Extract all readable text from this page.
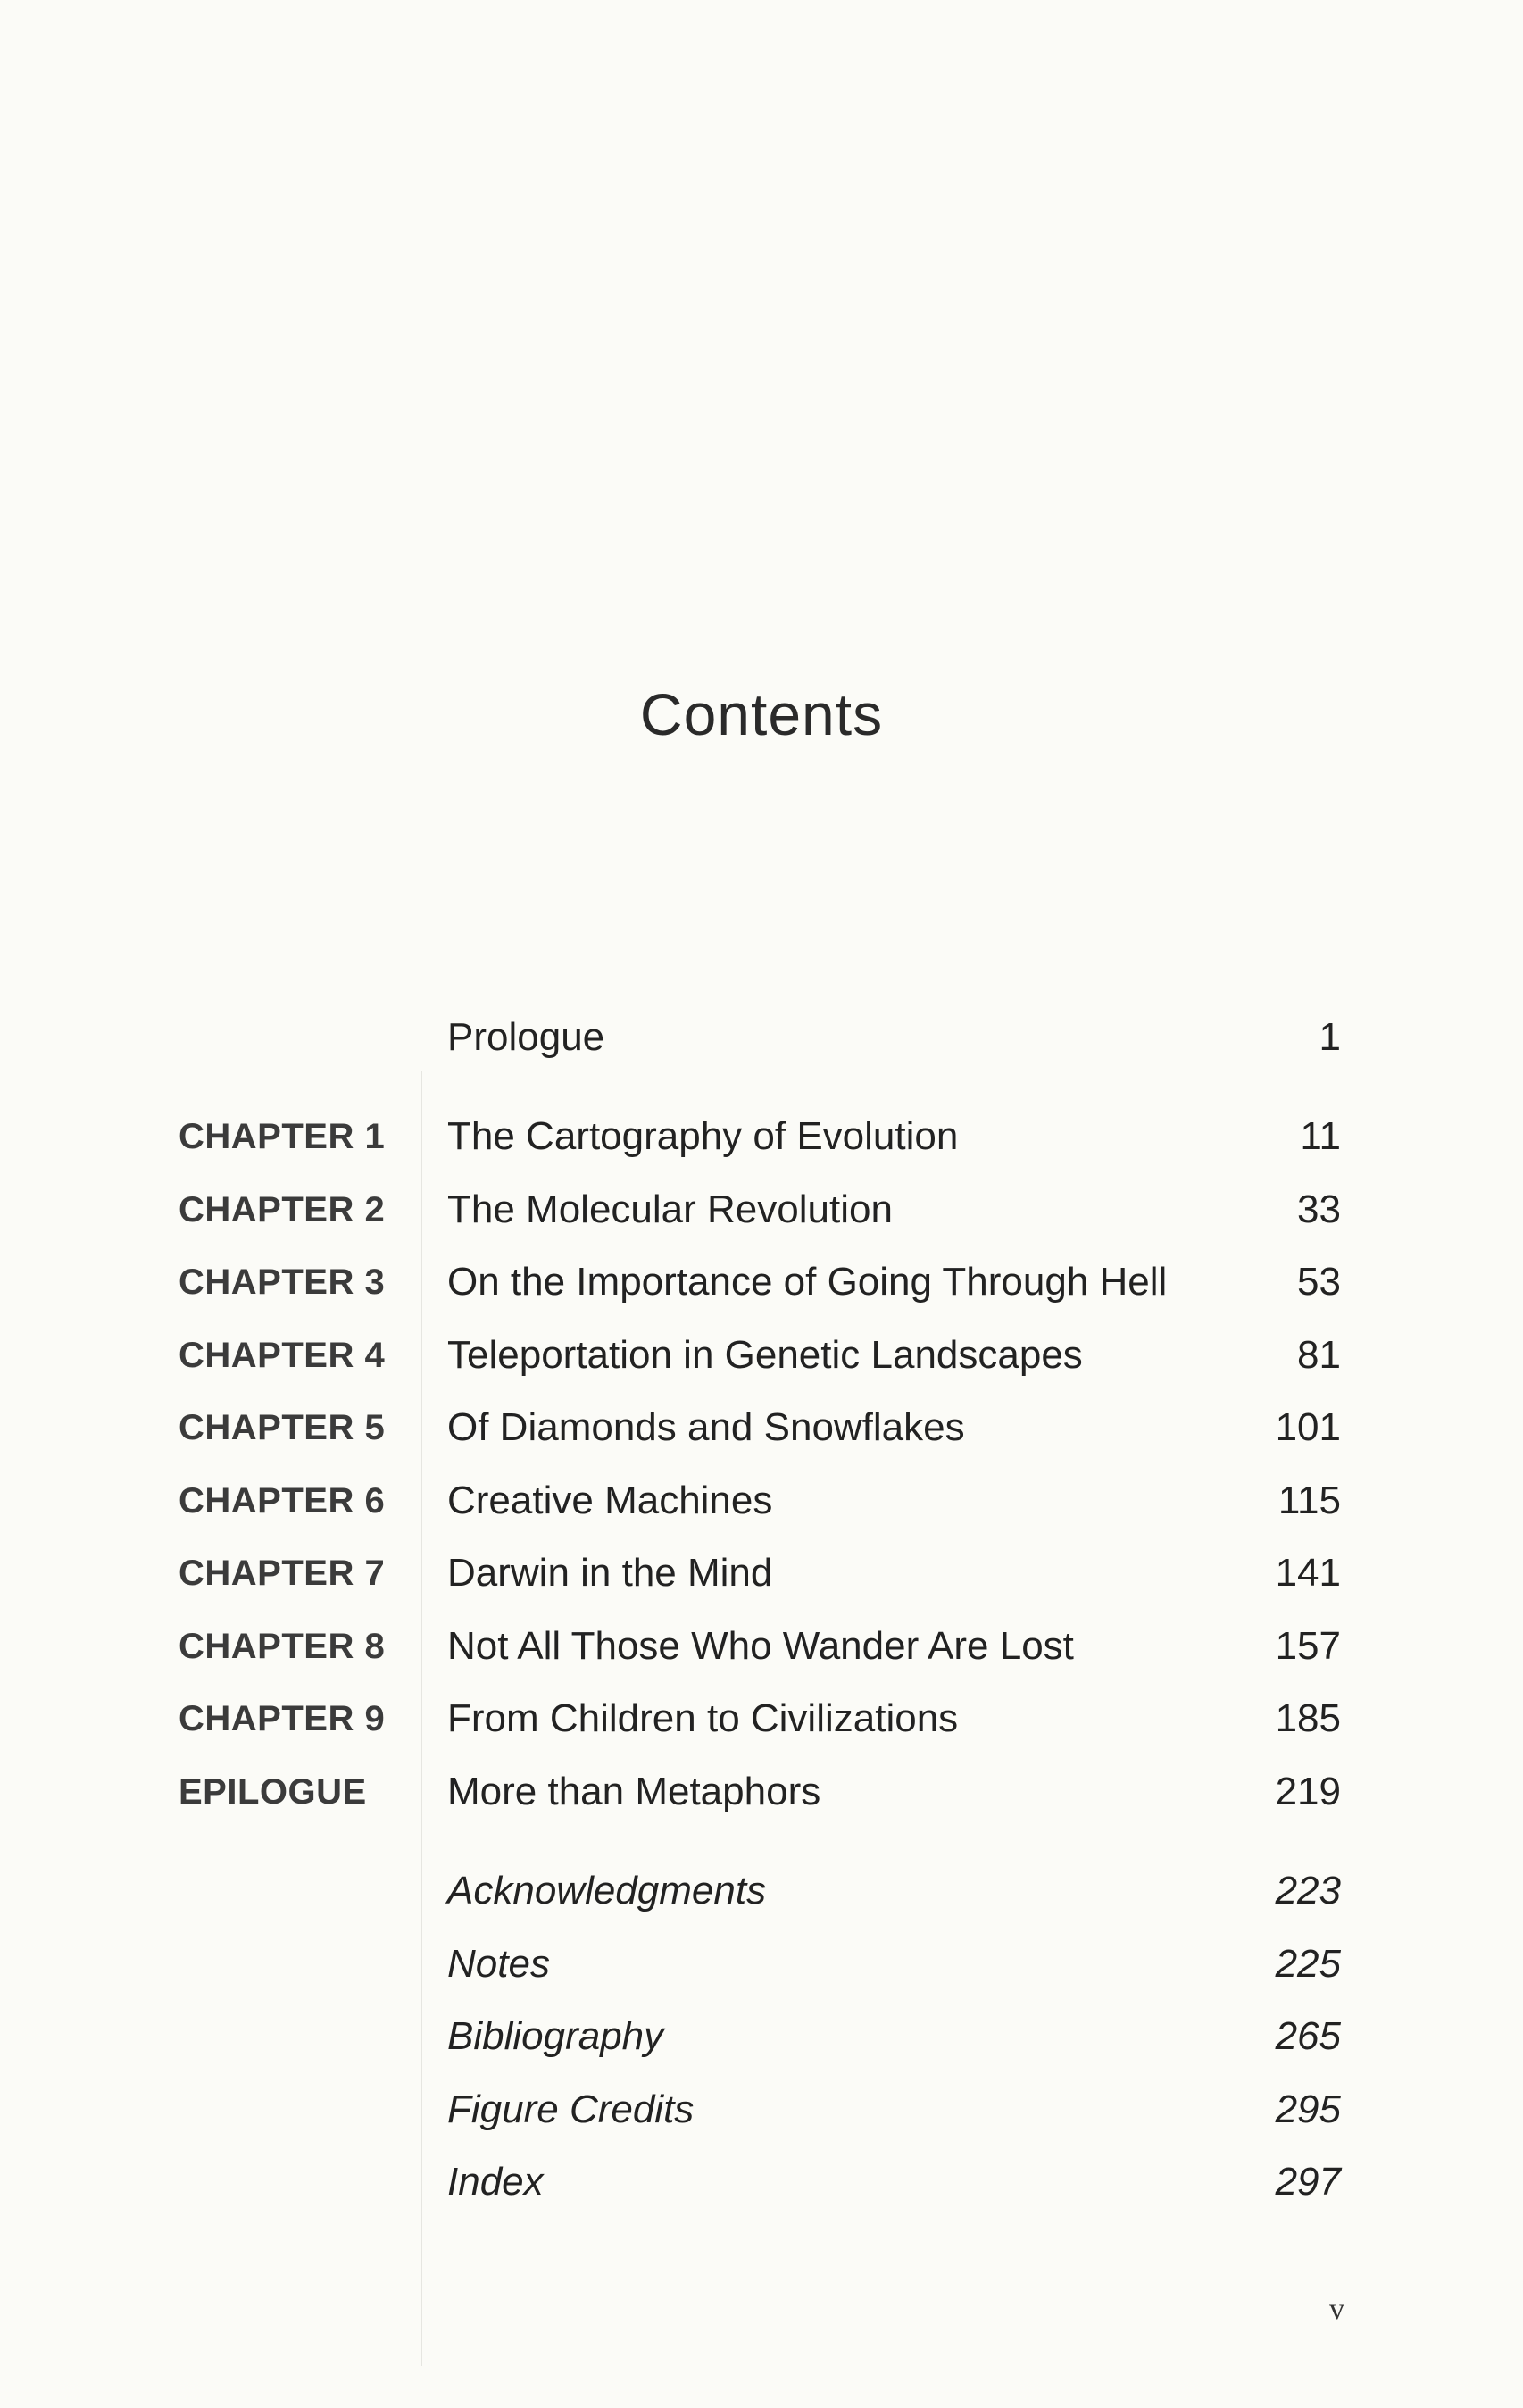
Contents
Prologue	1
CHAPTER 1 The Cartography of Evolution	11
CHAPTER 2 The Molecular Revolution	33
CHAPTER 3 On the Importance of Going Through Hell	53
CHAPTER 4 Teleportation in Genetic Landscapes	81
CHAPTER 5 Of Diamonds and Snowflakes	101
CHAPTER 6 Creative Machines	115
CHAPTER 7 Darwin in the Mind	141
CHAPTER 8 Not All Those Who Wander Are Lost	157
CHAPTER 9 From Children to Civilizations	185
EPILOGUE More than Metaphors	219
Acknowledgments	223
Notes	225
Bibliography	265
Figure Credits	295
Index	297
v
